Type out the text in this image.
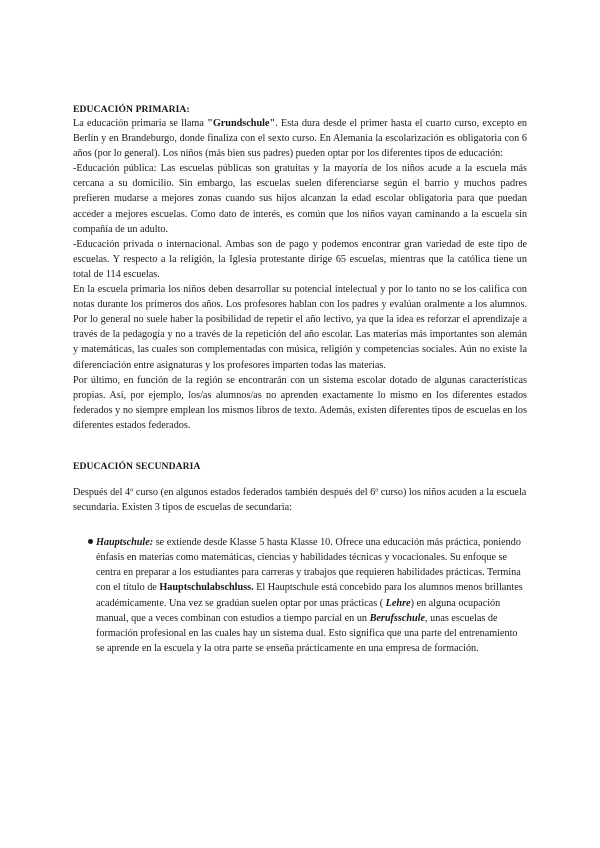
EDUCACIÓN PRIMARIA:

La educación primaria se llama "Grundschule". Esta dura desde el primer hasta el cuarto curso, excepto en Berlín y en Brandeburgo, donde finaliza con el sexto curso. En Alemania la escolarización es obligatoria con 6 años (por lo general). Los niños (más bien sus padres) pueden optar por los diferentes tipos de educación:

-Educación pública: Las escuelas públicas son gratuitas y la mayoría de los niños acude a la escuela más cercana a su domicilio. Sin embargo, las escuelas suelen diferenciarse según el barrio y muchos padres prefieren mudarse a mejores zonas cuando sus hijos alcanzan la edad escolar obligatoria para que puedan acceder a mejores escuelas. Como dato de interés, es común que los niños vayan caminando a la escuela sin compañía de un adulto.

-Educación privada o internacional. Ambas son de pago y podemos encontrar gran variedad de este tipo de escuelas. Y respecto a la religión, la Iglesia protestante dirige 65 escuelas, mientras que la católica tiene un total de 114 escuelas.

En la escuela primaria los niños deben desarrollar su potencial intelectual y por lo tanto no se los califica con notas durante los primeros dos años. Los profesores hablan con los padres y evalúan oralmente a los alumnos. Por lo general no suele haber la posibilidad de repetir el año lectivo, ya que la idea es reforzar el aprendizaje a través de la pedagogía y no a través de la repetición del año escolar. Las materias más importantes son alemán y matemáticas, las cuales son complementadas con música, religión y competencias sociales. Aún no existe la diferenciación entre asignaturas y los profesores imparten todas las materias.

Por último, en función de la región se encontrarán con un sistema escolar dotado de algunas características propias. Así, por ejemplo, los/as alumnos/as no aprenden exactamente lo mismo en los diferentes estados federados y no siempre emplean los mismos libros de texto. Además, existen diferentes tipos de escuelas en los diferentes estados federados.

EDUCACIÓN SECUNDARIA

Después del 4º curso (en algunos estados federados también después del 6º curso) los niños acuden a la escuela secundaria. Existen 3 tipos de escuelas de secundaria:

Hauptschule: se extiende desde Klasse 5 hasta Klasse 10. Ofrece una educación más práctica, poniendo énfasis en materias como matemáticas, ciencias y habilidades técnicas y vocacionales. Su enfoque se centra en preparar a los estudiantes para carreras y trabajos que requieren habilidades prácticas. Termina con el título de Hauptschulabschluss. El Hauptschule está concebido para los alumnos menos brillantes académicamente. Una vez se gradúan suelen optar por unas prácticas ( Lehre) en alguna ocupación manual, que a veces combinan con estudios a tiempo parcial en un Berufsschule, unas escuelas de formación profesional en las cuales hay un sistema dual. Esto significa que una parte del entrenamiento se aprende en la escuela y la otra parte se enseña prácticamente en una empresa de formación.
